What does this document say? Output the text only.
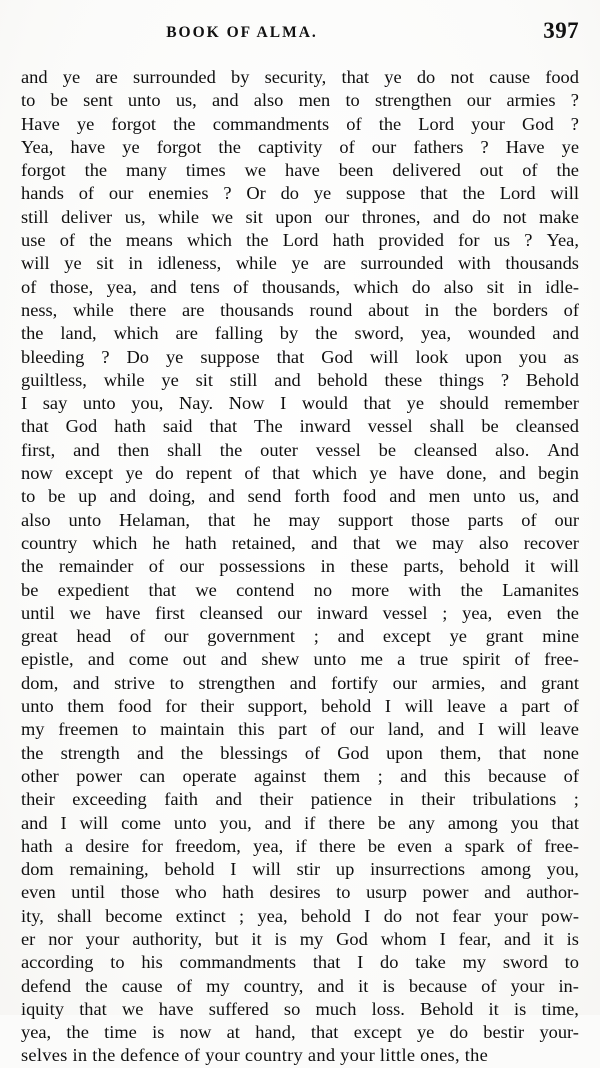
BOOK OF ALMA.	397
and ye are surrounded by security, that ye do not cause food
to be sent unto us, and also men to strengthen our armies ?
Have ye forgot the commandments of the Lord your God ?
Yea, have ye forgot the captivity of our fathers ? Have ye
forgot the many times we have been delivered out of the
hands of our enemies ? Or do ye suppose that the Lord will
still deliver us, while we sit upon our thrones, and do not make
use of the means which the Lord hath provided for us ? Yea,
will ye sit in idleness, while ye are surrounded with thousands
of those, yea, and tens of thousands, which do also sit in idle-
ness, while there are thousands round about in the borders of
the land, which are falling by the sword, yea, wounded and
bleeding ? Do ye suppose that God will look upon you as
guiltless, while ye sit still and behold these things ? Behold
I say unto you, Nay. Now I would that ye should remember
that God hath said that The inward vessel shall be cleansed
first, and then shall the outer vessel be cleansed also. And
now except ye do repent of that which ye have done, and begin
to be up and doing, and send forth food and men unto us, and
also unto Helaman, that he may support those parts of our
country which he hath retained, and that we may also recover
the remainder of our possessions in these parts, behold it will
be expedient that we contend no more with the Lamanites
until we have first cleansed our inward vessel ; yea, even the
great head of our government ; and except ye grant mine
epistle, and come out and shew unto me a true spirit of free-
dom, and strive to strengthen and fortify our armies, and grant
unto them food for their support, behold I will leave a part of
my freemen to maintain this part of our land, and I will leave
the strength and the blessings of God upon them, that none
other power can operate against them ; and this because of
their exceeding faith and their patience in their tribulations ;
and I will come unto you, and if there be any among you that
hath a desire for freedom, yea, if there be even a spark of free-
dom remaining, behold I will stir up insurrections among you,
even until those who hath desires to usurp power and author-
ity, shall become extinct ; yea, behold I do not fear your pow-
er nor your authority, but it is my God whom I fear, and it is
according to his commandments that I do take my sword to
defend the cause of my country, and it is because of your in-
iquity that we have suffered so much loss. Behold it is time,
yea, the time is now at hand, that except ye do bestir your-
selves in the defence of your country and your little ones, the
